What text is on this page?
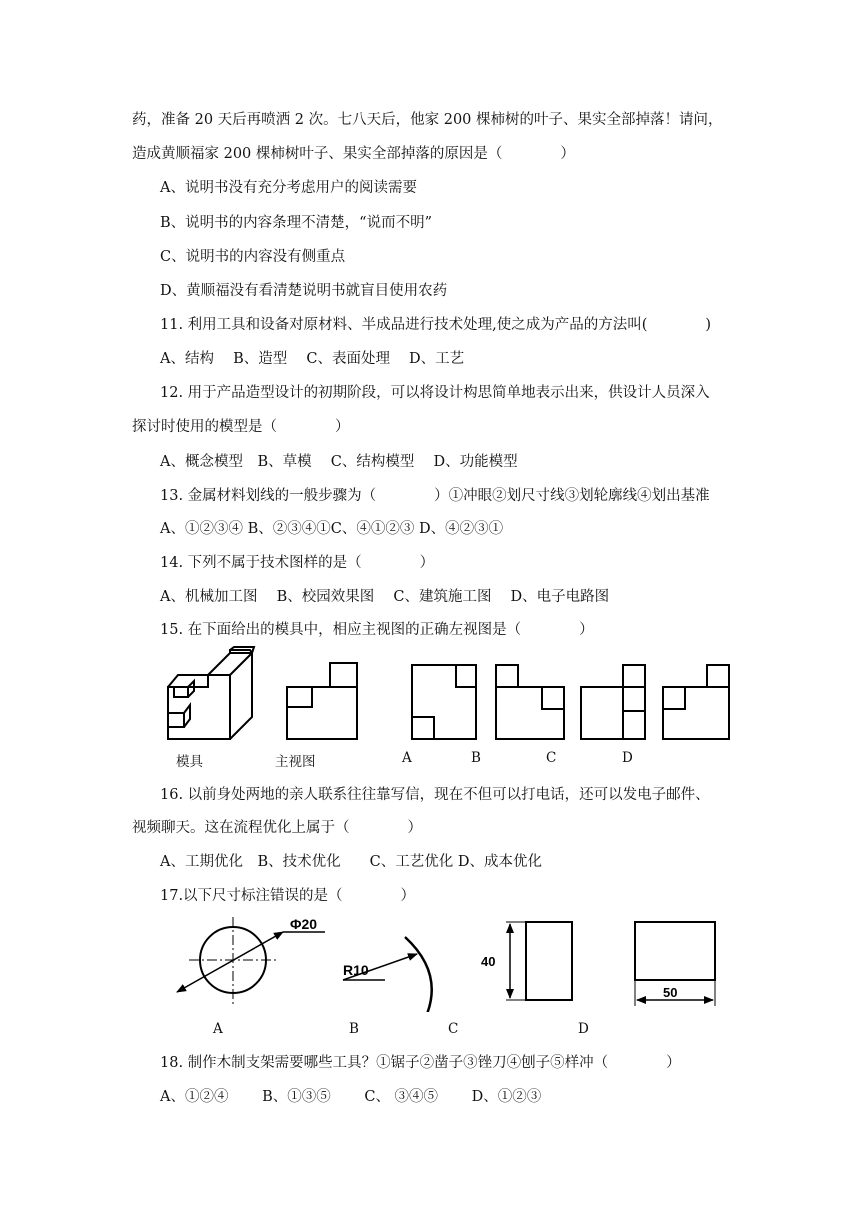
药，准备 20 天后再喷洒 2 次。七八天后，他家 200 棵柿树的叶子、果实全部掉落！请问，
造成黄顺福家 200 棵柿树叶子、果实全部掉落的原因是（　　　　）
A、说明书没有充分考虑用户的阅读需要
B、说明书的内容条理不清楚，“说而不明”
C、说明书的内容没有侧重点
D、黄顺福没有看清楚说明书就盲目使用农药
11. 利用工具和设备对原材料、半成品进行技术处理,使之成为产品的方法叫(　　　　)
A、结构　 B、造型　 C、表面处理　 D、工艺
12. 用于产品造型设计的初期阶段，可以将设计构思简单地表示出来，供设计人员深入
探讨时使用的模型是（　　　　）
A、概念模型　B、草模　 C、结构模型　 D、功能模型
13. 金属材料划线的一般步骤为（　　　　）①冲眼②划尺寸线③划轮廓线④划出基准
A、①②③④ B、②③④①C、④①②③ D、④②③①
14. 下列不属于技术图样的是（　　　　）
A、机械加工图　 B、校园效果图　 C、建筑施工图　 D、电子电路图
15. 在下面给出的模具中，相应主视图的正确左视图是（　　　　）
模具	主视图	A	B	C	D
16. 以前身处两地的亲人联系往往靠写信，现在不但可以打电话，还可以发电子邮件、
视频聊天。这在流程优化上属于（　　　　）
A、工期优化　B、技术优化　　C、工艺优化 D、成本优化
17.以下尺寸标注错误的是（　　　　）
Φ20
R10
40
50
A	B	C	D
18. 制作木制支架需要哪些工具？①锯子②凿子③锉刀④刨子⑤样冲（　　　　）
A、①②④　　 B、①③⑤　　 C、 ③④⑤　　 D、①②③
